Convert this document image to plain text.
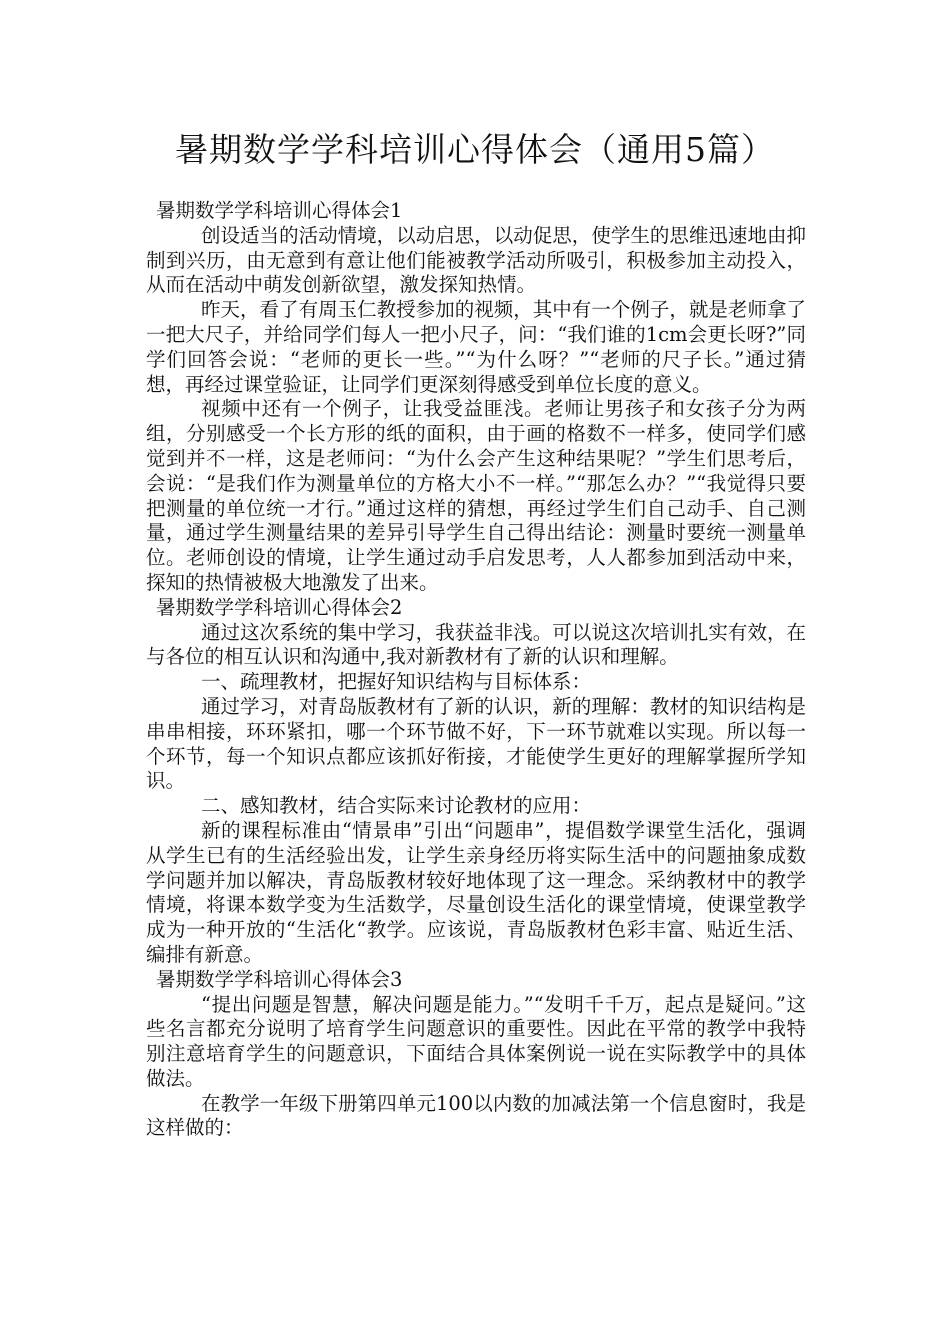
暑期数学学科培训心得体会（通用5篇）

暑期数学学科培训心得体会1

创设适当的活动情境，以动启思，以动促思，使学生的思维迅速地由抑制到兴历，由无意到有意让他们能被教学活动所吸引，积极参加主动投入，从而在活动中萌发创新欲望，激发探知热情。

昨天，看了有周玉仁教授参加的视频，其中有一个例子，就是老师拿了一把大尺子，并给同学们每人一把小尺子，问：“我们谁的1cm会更长呀?”同学们回答会说：“老师的更长一些。”“为什么呀？”“老师的尺子长。”通过猜想，再经过课堂验证，让同学们更深刻得感受到单位长度的意义。

视频中还有一个例子，让我受益匪浅。老师让男孩子和女孩子分为两组，分别感受一个长方形的纸的面积，由于画的格数不一样多，使同学们感觉到并不一样，这是老师问：“为什么会产生这种结果呢？”学生们思考后，会说：“是我们作为测量单位的方格大小不一样。”“那怎么办？”“我觉得只要把测量的单位统一才行。”通过这样的猜想，再经过学生们自己动手、自己测量，通过学生测量结果的差异引导学生自己得出结论：测量时要统一测量单位。老师创设的情境，让学生通过动手启发思考，人人都参加到活动中来，探知的热情被极大地激发了出来。

暑期数学学科培训心得体会2

通过这次系统的集中学习，我获益非浅。可以说这次培训扎实有效，在与各位的相互认识和沟通中,我对新教材有了新的认识和理解。

一、疏理教材，把握好知识结构与目标体系：

通过学习，对青岛版教材有了新的认识，新的理解：教材的知识结构是串串相接，环环紧扣，哪一个环节做不好，下一环节就难以实现。所以每一个环节，每一个知识点都应该抓好衔接，才能使学生更好的理解掌握所学知识。

二、感知教材，结合实际来讨论教材的应用：

新的课程标准由“情景串”引出“问题串”，提倡数学课堂生活化，强调从学生已有的生活经验出发，让学生亲身经历将实际生活中的问题抽象成数学问题并加以解决，青岛版教材较好地体现了这一理念。采纳教材中的教学情境，将课本数学变为生活数学，尽量创设生活化的课堂情境，使课堂教学成为一种开放的“生活化“教学。应该说，青岛版教材色彩丰富、贴近生活、编排有新意。

暑期数学学科培训心得体会3

“提出问题是智慧，解决问题是能力。”“发明千千万，起点是疑问。”这些名言都充分说明了培育学生问题意识的重要性。因此在平常的教学中我特别注意培育学生的问题意识，下面结合具体案例说一说在实际教学中的具体做法。

在教学一年级下册第四单元100以内数的加减法第一个信息窗时，我是这样做的：
